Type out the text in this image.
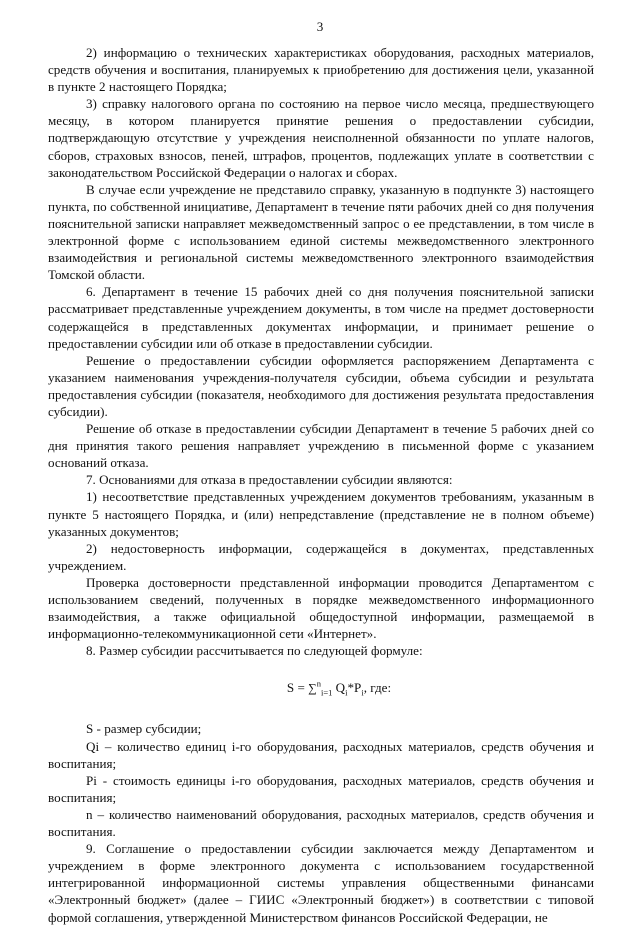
3

2) информацию о технических характеристиках оборудования, расходных материалов, средств обучения и воспитания, планируемых к приобретению для достижения цели, указанной в пункте 2 настоящего Порядка;

3) справку налогового органа по состоянию на первое число месяца, предшествующего месяцу, в котором планируется принятие решения о предоставлении субсидии, подтверждающую отсутствие у учреждения неисполненной обязанности по уплате налогов, сборов, страховых взносов, пеней, штрафов, процентов, подлежащих уплате в соответствии с законодательством Российской Федерации о налогах и сборах.

В случае если учреждение не представило справку, указанную в подпункте 3) настоящего пункта, по собственной инициативе, Департамент в течение пяти рабочих дней со дня получения пояснительной записки направляет межведомственный запрос о ее представлении, в том числе в электронной форме с использованием единой системы межведомственного электронного взаимодействия и региональной системы межведомственного электронного взаимодействия Томской области.

6. Департамент в течение 15 рабочих дней со дня получения пояснительной записки рассматривает представленные учреждением документы, в том числе на предмет достоверности содержащейся в представленных документах информации, и принимает решение о предоставлении субсидии или об отказе в предоставлении субсидии.

Решение о предоставлении субсидии оформляется распоряжением Департамента с указанием наименования учреждения-получателя субсидии, объема субсидии и результата предоставления субсидии (показателя, необходимого для достижения результата предоставления субсидии).

Решение об отказе в предоставлении субсидии Департамент в течение 5 рабочих дней со дня принятия такого решения направляет учреждению в письменной форме с указанием оснований отказа.

7. Основаниями для отказа в предоставлении субсидии являются:

1) несоответствие представленных учреждением документов требованиям, указанным в пункте 5 настоящего Порядка, и (или) непредставление (представление не в полном объеме) указанных документов;

2) недостоверность информации, содержащейся в документах, представленных учреждением.

Проверка достоверности представленной информации проводится Департаментом с использованием сведений, полученных в порядке межведомственного информационного взаимодействия, а также официальной общедоступной информации, размещаемой в информационно-телекоммуникационной сети «Интернет».

8. Размер субсидии рассчитывается по следующей формуле:

S = ∑$^n_{i=1}$ $Q_i*P_i$, где:

S - размер субсидии;

Qi – количество единиц i-го оборудования, расходных материалов, средств обучения и воспитания;

Pi - стоимость единицы i-го оборудования, расходных материалов, средств обучения и воспитания;

n – количество наименований оборудования, расходных материалов, средств обучения и воспитания.

9. Соглашение о предоставлении субсидии заключается между Департаментом и учреждением в форме электронного документа с использованием государственной интегрированной информационной системы управления общественными финансами «Электронный бюджет» (далее – ГИИС «Электронный бюджет») в соответствии с типовой формой соглашения, утвержденной Министерством финансов Российской Федерации, не
